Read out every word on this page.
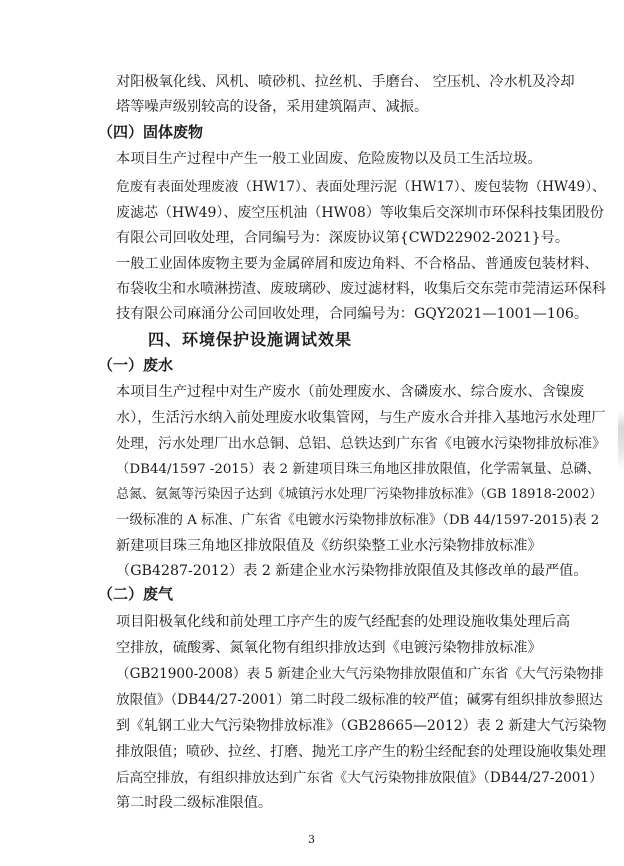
对阳极氧化线、风机、喷砂机、拉丝机、手磨台、 空压机、冷水机及冷却
塔等噪声级别较高的设备，采用建筑隔声、减振。
（四）固体废物
本项目生产过程中产生一般工业固废、危险废物以及员工生活垃圾。
危废有表面处理废液（HW17）、表面处理污泥（HW17）、废包装物（HW49）、
废滤芯（HW49）、废空压机油（HW08）等收集后交深圳市环保科技集团股份
有限公司回收处理，合同编号为：深废协议第{CWD22902-2021}号。
一般工业固体废物主要为金属碎屑和废边角料、不合格品、普通废包装材料、
布袋收尘和水喷淋捞渣、废玻璃砂、废过滤材料，收集后交东莞市莞清运环保科
技有限公司麻涌分公司回收处理，合同编号为：GQY2021—1001—106。
四、环境保护设施调试效果
（一）废水
本项目生产过程中对生产废水（前处理废水、含磷废水、综合废水、含镍废
水），生活污水纳入前处理废水收集管网，与生产废水合并排入基地污水处理厂
处理，污水处理厂出水总铜、总铝、总铁达到广东省《电镀水污染物排放标准》
（DB44/1597 -2015）表 2 新建项目珠三角地区排放限值，化学需氧量、总磷、
总氮、氨氮等污染因子达到《城镇污水处理厂污染物排放标准》（GB 18918-2002）
一级标准的 A 标准、广东省《电镀水污染物排放标准》（DB 44/1597-2015)表 2
新建项目珠三角地区排放限值及《纺织染整工业水污染物排放标准》
（GB4287-2012）表 2 新建企业水污染物排放限值及其修改单的最严值。
（二）废气
项目阳极氧化线和前处理工序产生的废气经配套的处理设施收集处理后高
空排放，硫酸雾、氮氧化物有组织排放达到《电镀污染物排放标准》
（GB21900-2008）表 5 新建企业大气污染物排放限值和广东省《大气污染物排
放限值》（DB44/27-2001）第二时段二级标准的较严值；碱雾有组织排放参照达
到《轧钢工业大气污染物排放标准》（GB28665—2012）表 2 新建大气污染物
排放限值；喷砂、拉丝、打磨、抛光工序产生的粉尘经配套的处理设施收集处理
后高空排放，有组织排放达到广东省《大气污染物排放限值》（DB44/27-2001）
第二时段二级标准限值。
3
